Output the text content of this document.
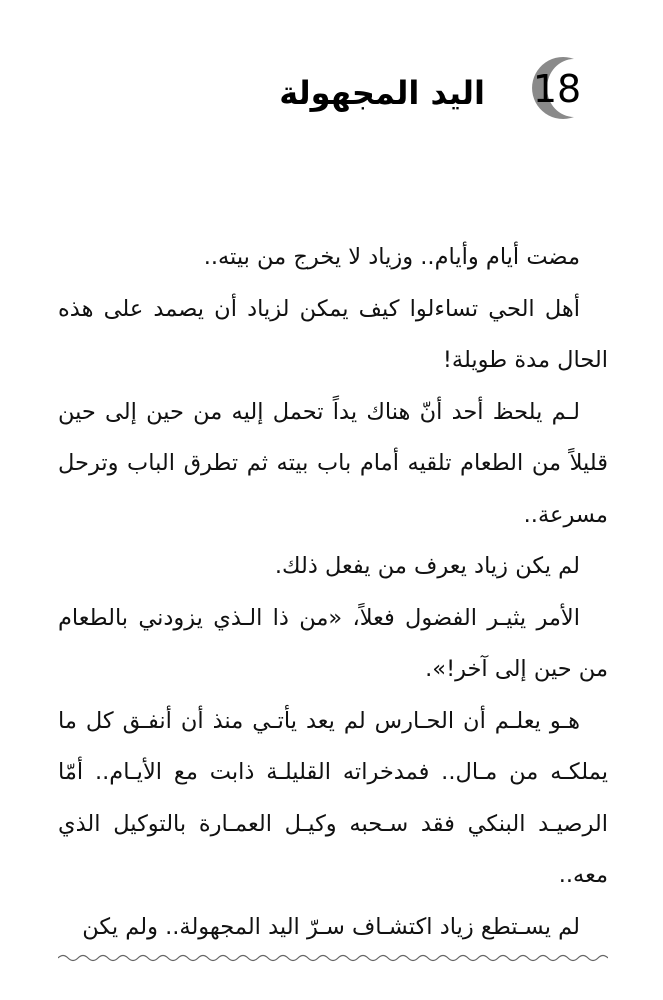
18
اليد المجهولة

مضت أيام وأيام.. وزياد لا يخرج من بيته..

أهل الحي تساءلوا كيف يمكن لزياد أن يصمد على هذه الحال مدة طويلة!

لـم يلحظ أحد أنّ هناك يداً تحمل إليه من حين إلى حين قليلاً من الطعام تلقيه أمام باب بيته ثم تطرق الباب وترحل مسرعة..

لم يكن زياد يعرف من يفعل ذلك.

الأمر يثيـر الفضول فعلاً، «من ذا الـذي يزودني بالطعام من حين إلى آخر!».

هـو يعلـم أن الحـارس لم يعد يأتـي منذ أن أنفـق كل ما يملكـه من مـال.. فمدخراته القليلـة ذابت مع الأيـام.. أمّا الرصيـد البنكي فقد سـحبه وكيـل العمـارة بالتوكيل الذي معه..

لم يسـتطع زياد اكتشـاف سـرّ اليد المجهولة.. ولم يكن
